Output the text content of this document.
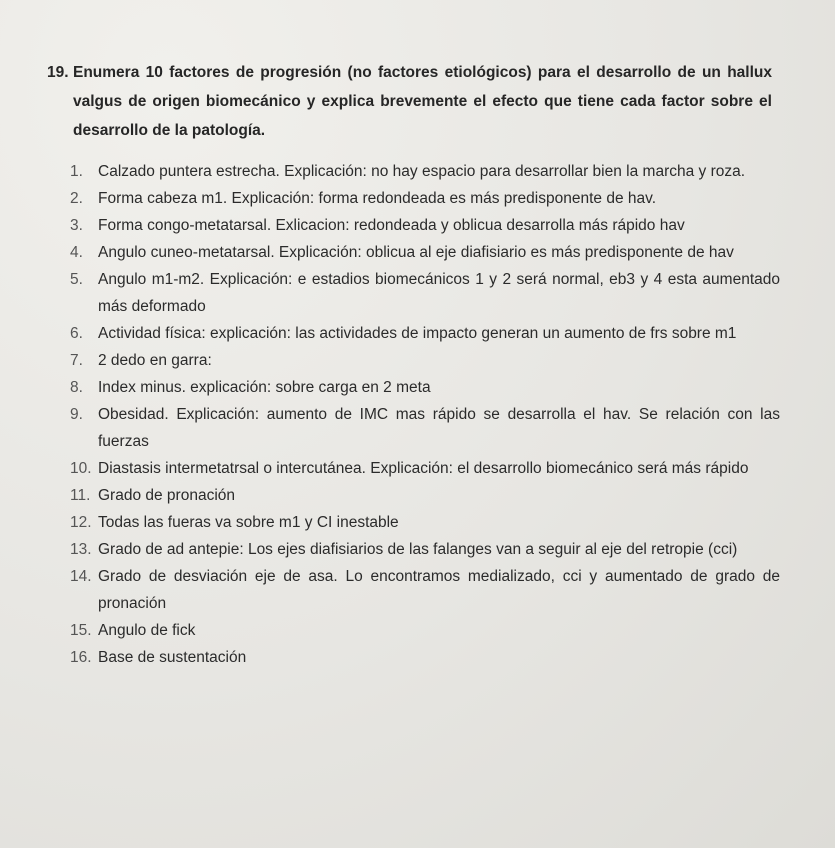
19. Enumera 10 factores de progresión (no factores etiológicos) para el desarrollo de un hallux valgus de origen biomecánico y explica brevemente el efecto que tiene cada factor sobre el desarrollo de la patología.
1. Calzado puntera estrecha. Explicación: no hay espacio para desarrollar bien la marcha y roza.
2. Forma cabeza m1. Explicación: forma redondeada es más predisponente de hav.
3. Forma congo-metatarsal. Exlicacion: redondeada y oblicua desarrolla más rápido hav
4. Angulo cuneo-metatarsal. Explicación: oblicua al eje diafisiario es más predisponente de hav
5. Angulo m1-m2. Explicación: e estadios biomecánicos 1 y 2 será normal, eb3 y 4 esta aumentado más deformado
6. Actividad física: explicación: las actividades de impacto generan un aumento de frs sobre m1
7. 2 dedo en garra:
8. Index minus. explicación: sobre carga en 2 meta
9. Obesidad. Explicación: aumento de IMC mas rápido se desarrolla el hav. Se relación con las fuerzas
10. Diastasis intermetatrsal o intercutánea. Explicación: el desarrollo biomecánico será más rápido
11. Grado de pronación
12. Todas las fueras va sobre m1 y CI inestable
13. Grado de ad antepie: Los ejes diafisiarios de las falanges van a seguir al eje del retropie (cci)
14. Grado de desviación eje de asa. Lo encontramos medializado, cci y aumentado de grado de pronación
15. Angulo de fick
16. Base de sustentación
